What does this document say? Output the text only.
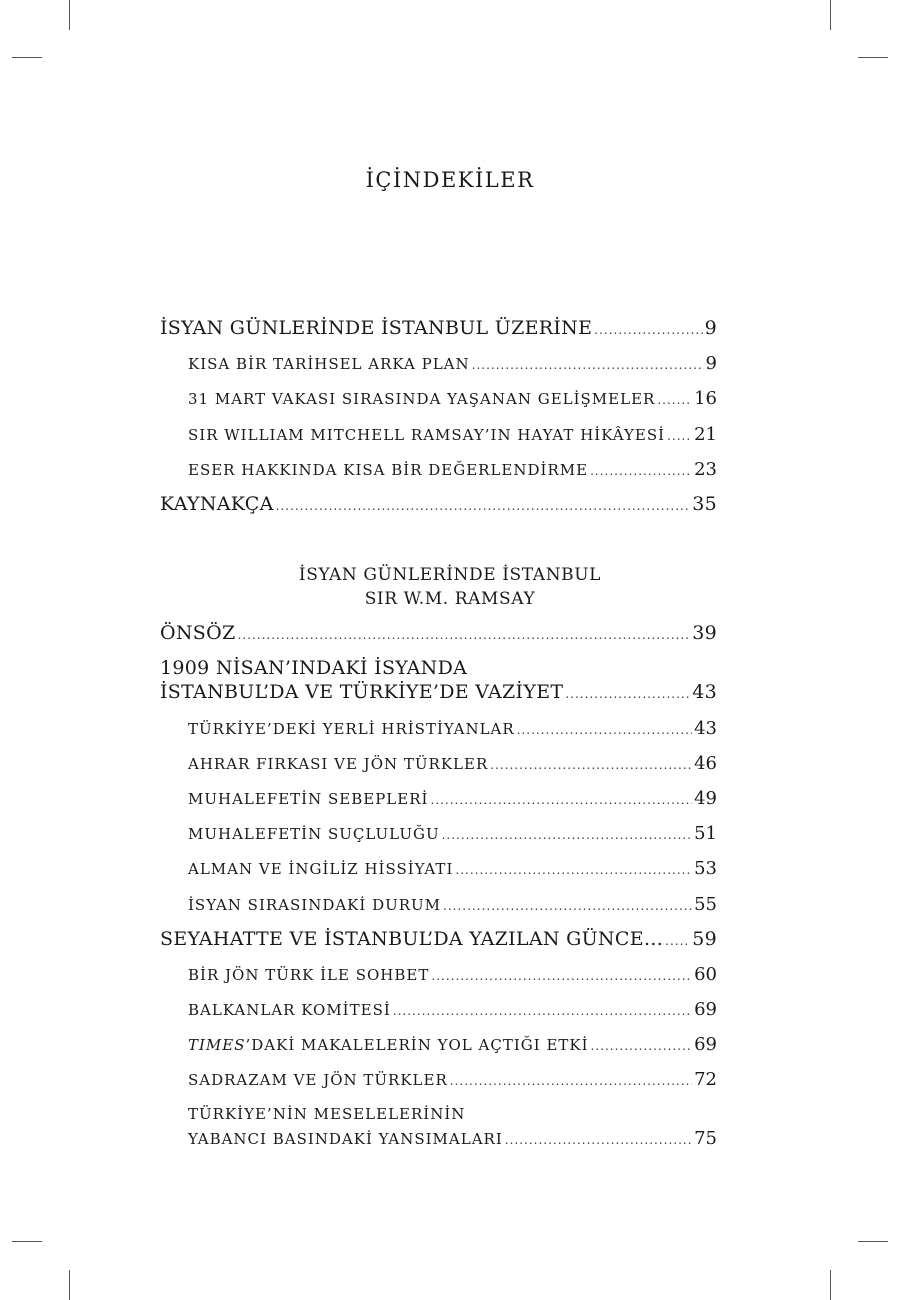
İÇİNDEKİLER
İSYAN GÜNLERİNDE İSTANBUL ÜZERİNE .....	9
KISA BİR TARİHSEL ARKA PLAN .....	9
31 MART VAKASI SIRASINDA YAŞANAN GELİŞMELER ..... 16
SIR WILLIAM MITCHELL RAMSAY’IN HAYAT HİKÂYESİ ..... 21
ESER HAKKINDA KISA BİR DEĞERLENDİRME .....	23
KAYNAKÇA .....	35
İSYAN GÜNLERİNDE İSTANBUL
SIR W.M. RAMSAY
ÖNSÖZ .....	39
1909 NİSAN’INDAKİ İSYANDA
İSTANBUL’DA VE TÜRKİYE’DE VAZİYET .....	43
TÜRKİYE’DEKİ YERLİ HRİSTİYANLAR .....	43
AHRAR FIRKASI VE JÖN TÜRKLER .....	46
MUHALEFETİN SEBEPLERİ .....	49
MUHALEFETİN SUÇLULUĞU .....	51
ALMAN VE İNGİLİZ HİSSİYATI .....	53
İSYAN SIRASINDAKİ DURUM .....	55
SEYAHATTE VE İSTANBUL’DA YAZILAN GÜNCE… ..... 59
BİR JÖN TÜRK İLE SOHBET .....	60
BALKANLAR KOMİTESİ .....	69
TIMES’DAKİ MAKALELERİN YOL AÇTIĞI ETKİ .....	69
SADRAZAM VE JÖN TÜRKLER .....	72
TÜRKİYE’NİN MESELELERİNİN
YABANCI BASINDAKİ YANSIMALARI .....	75
